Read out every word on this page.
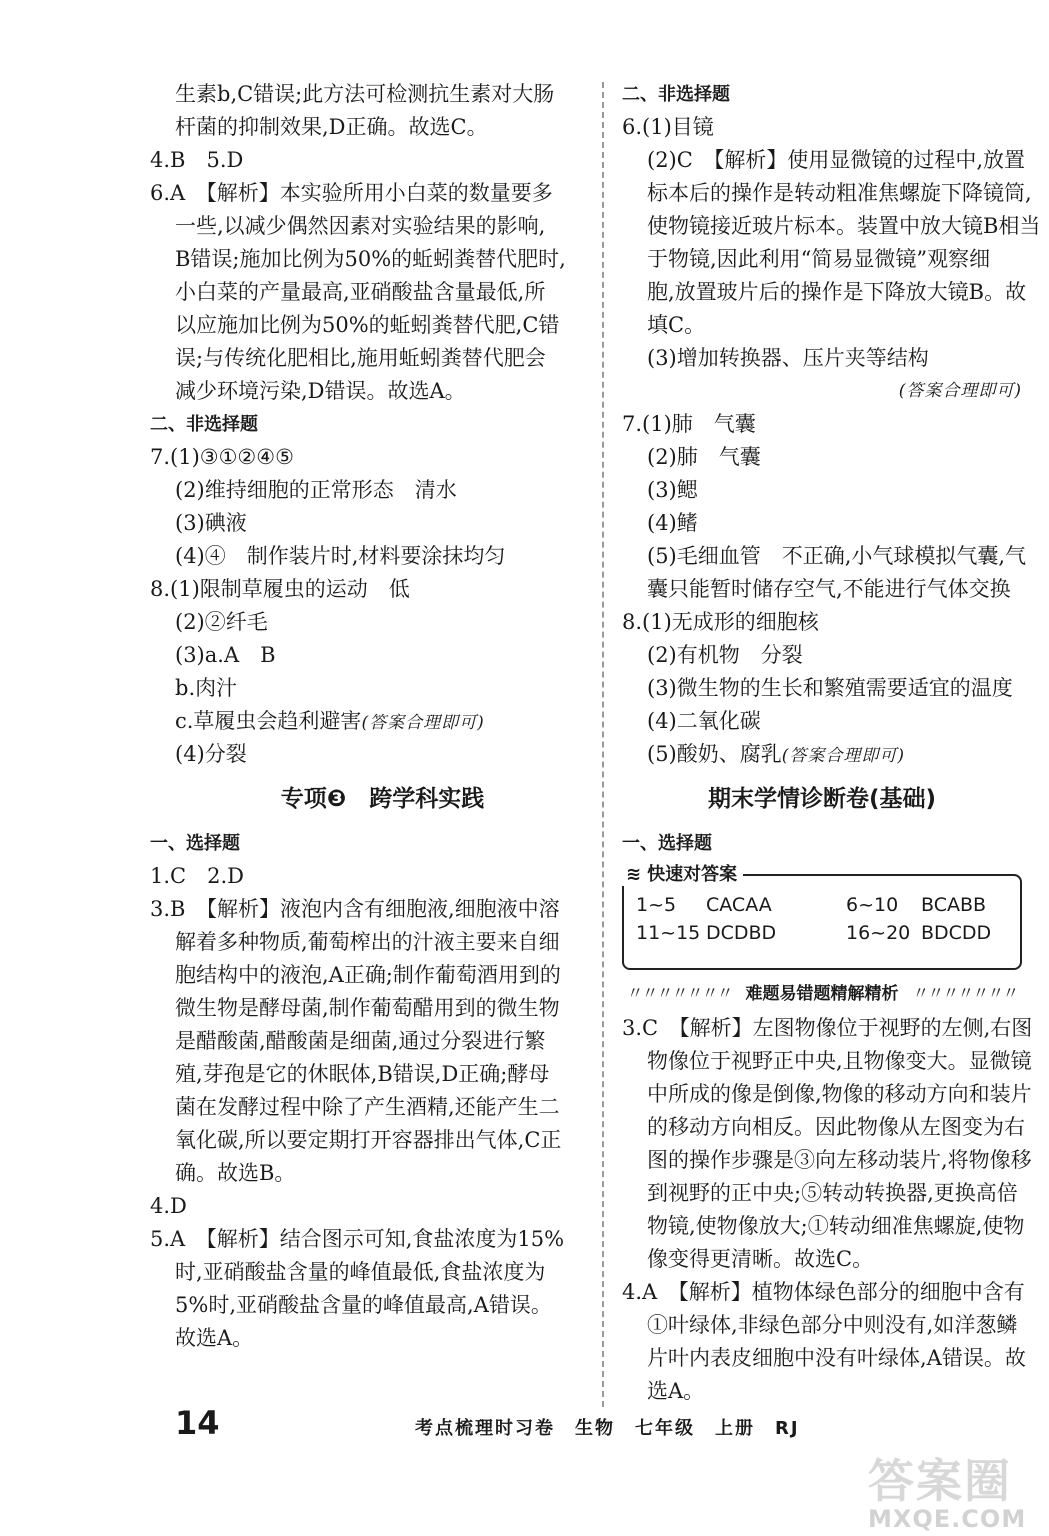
生素b,C错误;此方法可检测抗生素对大肠
杆菌的抑制效果,D正确。故选C。
4.B　5.D
6.A　【解析】本实验所用小白菜的数量要多
一些,以减少偶然因素对实验结果的影响,
B错误;施加比例为50%的蚯蚓粪替代肥时,
小白菜的产量最高,亚硝酸盐含量最低,所
以应施加比例为50%的蚯蚓粪替代肥,C错
误;与传统化肥相比,施用蚯蚓粪替代肥会
减少环境污染,D错误。故选A。
二、非选择题
7.(1)③①②④⑤
(2)维持细胞的正常形态　清水
(3)碘液
(4)④　制作装片时,材料要涂抹均匀
8.(1)限制草履虫的运动　低
(2)②纤毛
(3)a.A　B
b.肉汁
c.草履虫会趋利避害(答案合理即可)
(4)分裂
专项❸　跨学科实践
一、选择题
1.C　2.D
3.B　【解析】液泡内含有细胞液,细胞液中溶
解着多种物质,葡萄榨出的汁液主要来自细
胞结构中的液泡,A正确;制作葡萄酒用到的
微生物是酵母菌,制作葡萄醋用到的微生物
是醋酸菌,醋酸菌是细菌,通过分裂进行繁
殖,芽孢是它的休眠体,B错误,D正确;酵母
菌在发酵过程中除了产生酒精,还能产生二
氧化碳,所以要定期打开容器排出气体,C正
确。故选B。
4.D
5.A　【解析】结合图示可知,食盐浓度为15%
时,亚硝酸盐含量的峰值最低,食盐浓度为
5%时,亚硝酸盐含量的峰值最高,A错误。
故选A。
二、非选择题
6.(1)目镜
(2)C　【解析】使用显微镜的过程中,放置
标本后的操作是转动粗准焦螺旋下降镜筒,
使物镜接近玻片标本。装置中放大镜B相当
于物镜,因此利用“简易显微镜”观察细
胞,放置玻片后的操作是下降放大镜B。故
填C。
(3)增加转换器、压片夹等结构
(答案合理即可)
7.(1)肺　气囊
(2)肺　气囊
(3)鳃
(4)鳍
(5)毛细血管　不正确,小气球模拟气囊,气
囊只能暂时储存空气,不能进行气体交换
8.(1)无成形的细胞核
(2)有机物　分裂
(3)微生物的生长和繁殖需要适宜的温度
(4)二氧化碳
(5)酸奶、腐乳(答案合理即可)
期末学情诊断卷(基础)
一、选择题
≋ 快速对答案
1~5	CACAA	6~10	BCABB
11~15 DCDBD	16~20 BDCDD
〃〃〃〃〃〃〃 难题易错题精解精析 〃〃〃〃〃〃〃
3.C　【解析】左图物像位于视野的左侧,右图
物像位于视野正中央,且物像变大。显微镜
中所成的像是倒像,物像的移动方向和装片
的移动方向相反。因此物像从左图变为右
图的操作步骤是③向左移动装片,将物像移
到视野的正中央;⑤转动转换器,更换高倍
物镜,使物像放大;①转动细准焦螺旋,使物
像变得更清晰。故选C。
4.A　【解析】植物体绿色部分的细胞中含有
①叶绿体,非绿色部分中则没有,如洋葱鳞
片叶内表皮细胞中没有叶绿体,A错误。故
选A。
14	考点梳理时习卷　生物　七年级　上册　RJ
答案圈
MXQE.COM
